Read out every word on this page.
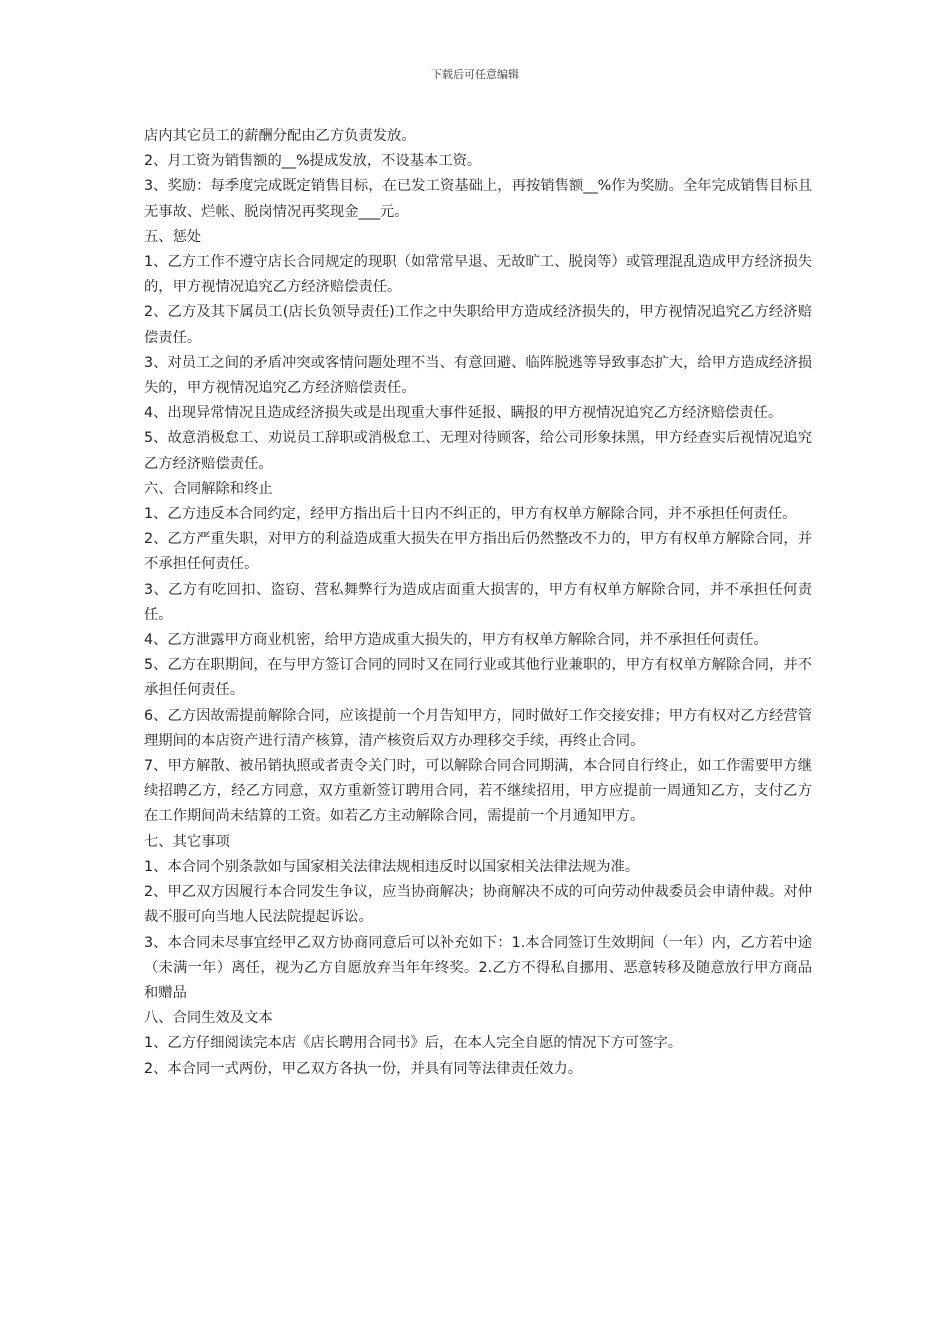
下载后可任意编辑

店内其它员工的薪酬分配由乙方负责发放。

2、月工资为销售额的__%提成发放，不设基本工资。

3、奖励：每季度完成既定销售目标，在已发工资基础上，再按销售额__%作为奖励。全年完成销售目标且无事故、烂帐、脱岗情况再奖现金___元。

五、惩处

1、乙方工作不遵守店长合同规定的现职（如常常早退、无故旷工、脱岗等）或管理混乱造成甲方经济损失的，甲方视情况追究乙方经济赔偿责任。

2、乙方及其下属员工(店长负领导责任)工作之中失职给甲方造成经济损失的，甲方视情况追究乙方经济赔偿责任。

3、对员工之间的矛盾冲突或客情问题处理不当、有意回避、临阵脱逃等导致事态扩大，给甲方造成经济损失的，甲方视情况追究乙方经济赔偿责任。

4、出现异常情况且造成经济损失或是出现重大事件延报、瞒报的甲方视情况追究乙方经济赔偿责任。

5、故意消极怠工、劝说员工辞职或消极怠工、无理对待顾客，给公司形象抹黑，甲方经查实后视情况追究乙方经济赔偿责任。

六、合同解除和终止

1、乙方违反本合同约定，经甲方指出后十日内不纠正的，甲方有权单方解除合同，并不承担任何责任。

2、乙方严重失职，对甲方的利益造成重大损失在甲方指出后仍然整改不力的，甲方有权单方解除合同，并不承担任何责任。

3、乙方有吃回扣、盗窃、营私舞弊行为造成店面重大损害的，甲方有权单方解除合同，并不承担任何责任。

4、乙方泄露甲方商业机密，给甲方造成重大损失的，甲方有权单方解除合同，并不承担任何责任。

5、乙方在职期间，在与甲方签订合同的同时又在同行业或其他行业兼职的，甲方有权单方解除合同，并不承担任何责任。

6、乙方因故需提前解除合同，应该提前一个月告知甲方，同时做好工作交接安排；甲方有权对乙方经营管理期间的本店资产进行清产核算，清产核资后双方办理移交手续，再终止合同。

7、甲方解散、被吊销执照或者责令关门时，可以解除合同合同期满，本合同自行终止，如工作需要甲方继续招聘乙方，经乙方同意，双方重新签订聘用合同，若不继续招用，甲方应提前一周通知乙方，支付乙方在工作期间尚未结算的工资。如若乙方主动解除合同，需提前一个月通知甲方。

七、其它事项

1、本合同个别条款如与国家相关法律法规相违反时以国家相关法律法规为准。

2、甲乙双方因履行本合同发生争议，应当协商解决；协商解决不成的可向劳动仲裁委员会申请仲裁。对仲裁不服可向当地人民法院提起诉讼。

3、本合同未尽事宜经甲乙双方协商同意后可以补充如下：1.本合同签订生效期间（一年）内，乙方若中途（未满一年）离任，视为乙方自愿放弃当年年终奖。2.乙方不得私自挪用、恶意转移及随意放行甲方商品和赠品

八、合同生效及文本

1、乙方仔细阅读完本店《店长聘用合同书》后，在本人完全自愿的情况下方可签字。

2、本合同一式两份，甲乙双方各执一份，并具有同等法律责任效力。
